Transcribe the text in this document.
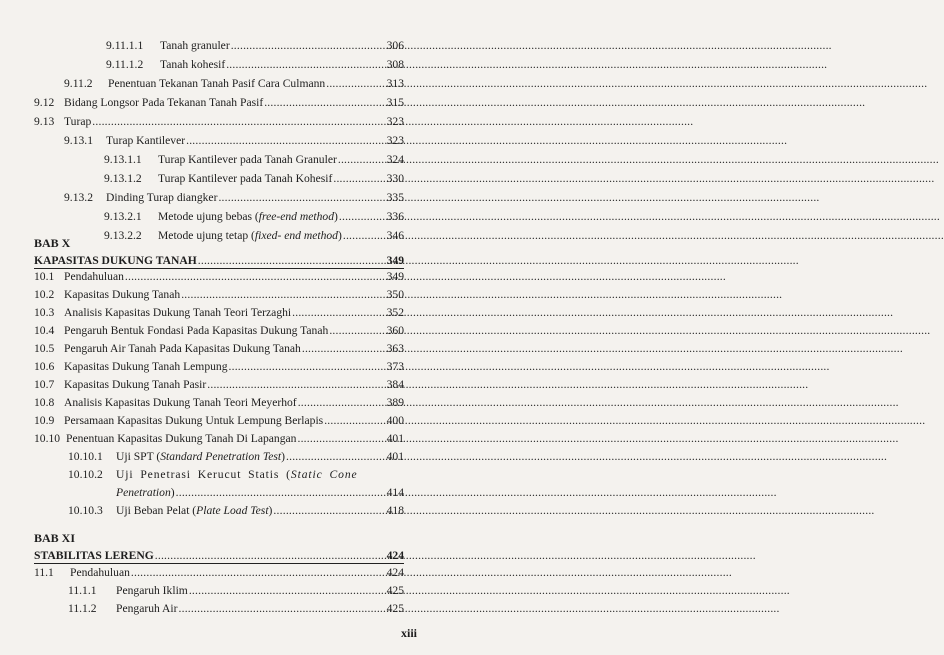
9.11.1.1	Tanah granuler .....	306
9.11.1.2	Tanah kohesif .....	308
9.11.2	Penentuan Tekanan Tanah Pasif Cara Culmann .....	313
9.12 Bidang Longsor Pada Tekanan Tanah Pasif .....	315
9.13 Turap .....	323
9.13.1	Turap Kantilever .....	323
9.13.1.1	Turap Kantilever pada Tanah Granuler .....	324
9.13.1.2	Turap Kantilever pada Tanah Kohesif .....	330
9.13.2	Dinding Turap diangker .....	335
9.13.2.1	Metode ujung bebas (free-end method) .....	336
9.13.2.2	Metode ujung tetap (fixed- end method) .....	346
BAB X
KAPASITAS DUKUNG TANAH .....	349
10.1 Pendahuluan .....	349
10.2 Kapasitas Dukung Tanah .....	350
10.3 Analisis Kapasitas Dukung Tanah Teori Terzaghi .....	352
10.4 Pengaruh Bentuk Fondasi Pada Kapasitas Dukung Tanah .....	360
10.5 Pengaruh Air Tanah Pada Kapasitas Dukung Tanah .....	363
10.6 Kapasitas Dukung Tanah Lempung .....	373
10.7 Kapasitas Dukung Tanah Pasir .....	384
10.8 Analisis Kapasitas Dukung Tanah Teori Meyerhof .....	389
10.9 Persamaan Kapasitas Dukung Untuk Lempung Berlapis .....	400
10.10 Penentuan Kapasitas Dukung Tanah Di Lapangan .....	401
10.10.1	Uji SPT (Standard Penetration Test) .....	401
10.10.2	Uji Penetrasi Kerucut Statis (Static Cone
Penetration) .....	414
10.10.3	Uji Beban Pelat (Plate Load Test) .....	418
BAB XI
STABILITAS LERENG .....	424
11.1	Pendahuluan .....	424
11.1.1	Pengaruh Iklim .....	425
11.1.2	Pengaruh Air .....	425
xiii
